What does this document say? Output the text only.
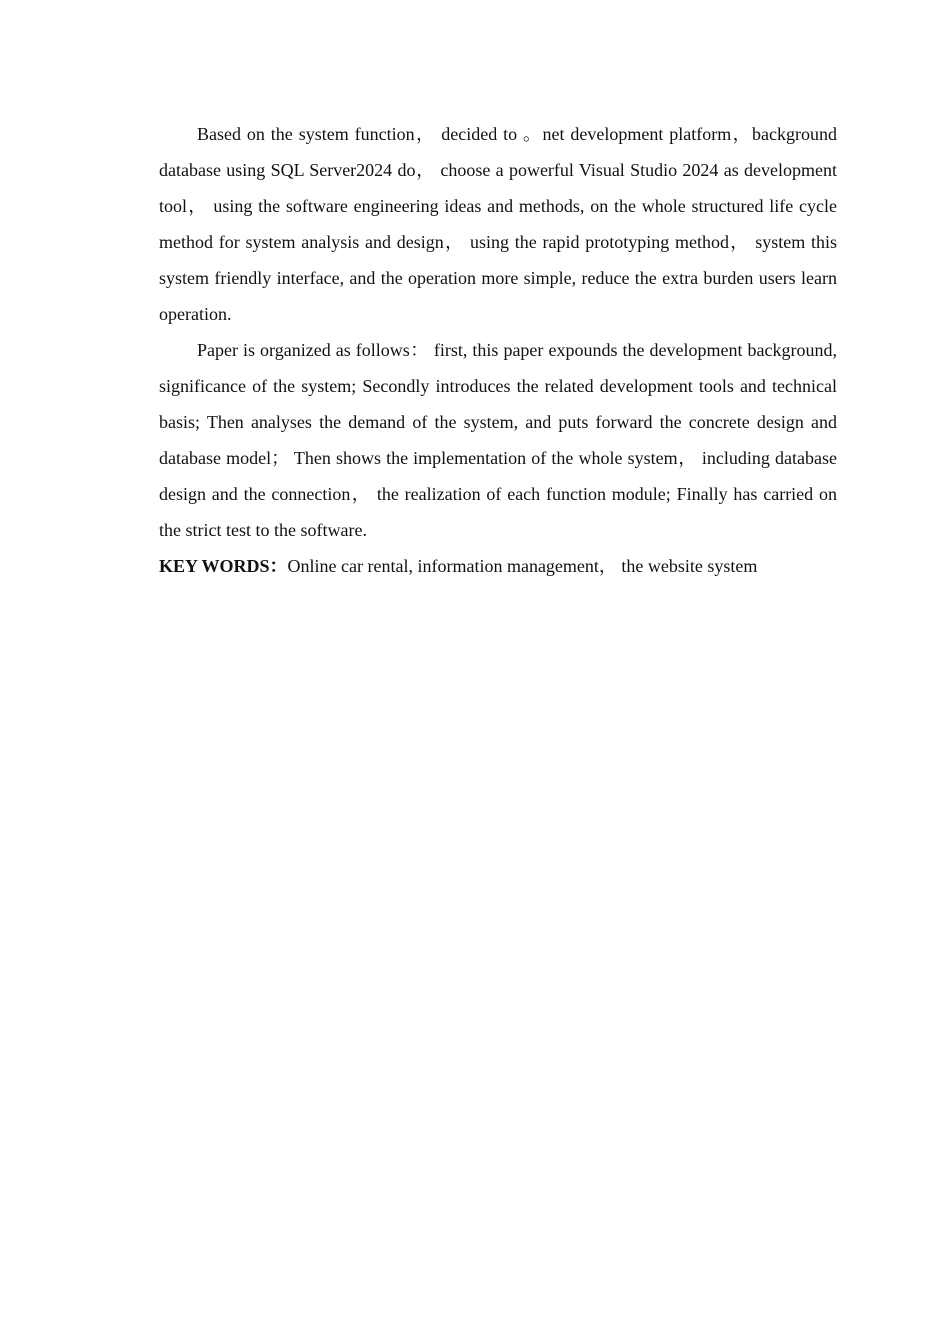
Based on the system function， decided to 。net development platform，background database using SQL Server2024 do， choose a powerful Visual Studio 2024 as development tool， using the software engineering ideas and methods, on the whole structured life cycle method for system analysis and design， using the rapid prototyping method， system this system friendly interface, and the operation more simple, reduce the extra burden users learn operation.

Paper is organized as follows： first, this paper expounds the development background, significance of the system; Secondly introduces the related development tools and technical basis; Then analyses the demand of the system, and puts forward the concrete design and database model； Then shows the implementation of the whole system， including database design and the connection， the realization of each function module; Finally has carried on the strict test to the software.

KEY WORDS：Online car rental, information management， the website system
